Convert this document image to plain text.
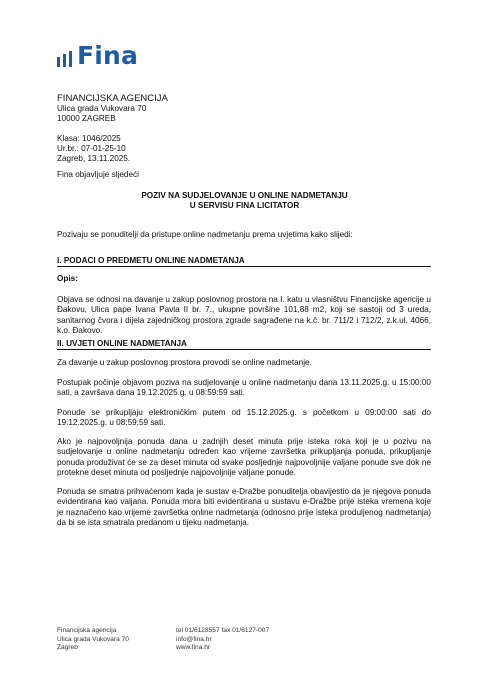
Fina
FINANCIJSKA AGENCIJA
Ulica grada Vukovara 70
10000 ZAGREB
Klasa: 1046/2025
Ur.br.: 07-01-25-10
Zagreb, 13.11.2025.
Fina objavljuje sljedeći
POZIV NA SUDJELOVANJE U ONLINE NADMETANJU
U SERVISU FINA LICITATOR
Pozivaju se ponuditelji da pristupe online nadmetanju prema uvjetima kako slijedi:
I. PODACI O PREDMETU ONLINE NADMETANJA
Opis:
Objava se odnosi na davanje u zakup poslovnog prostora na I. katu u vlasništvu Financijske agencije u Đakovu, Ulica pape Ivana Pavla II br. 7., ukupne površine 101,88 m2, koji se sastoji od 3 ureda, sanitarnog čvora i dijela zajedničkog prostora zgrade sagrađene na k.č. br. 711/2 i 712/2, z.k.ul. 4066, k.o. Đakovo.
II. UVJETI ONLINE NADMETANJA
Za davanje u zakup poslovnog prostora provodi se online nadmetanje.
Postupak počinje objavom poziva na sudjelovanje u online nadmetanju dana 13.11.2025.g. u 15:00:00 sati, a završava dana 19.12.2025.g. u 08:59:59 sati.
Ponude se prikupljaju elektroničkim putem od 15.12.2025.g. s početkom u 09:00:00 sati do 19.12.2025.g. u 08:59:59 sati.
Ako je najpovoljnija ponuda dana u zadnjih deset minuta prije isteka roka koji je u pozivu na sudjelovanje u online nadmetanju određen kao vrijeme završetka prikupljanja ponuda, prikupljanje ponuda produživat će se za deset minuta od svake posljednje najpovoljnije valjane ponude sve dok ne protekne deset minuta od posljednje najpovoljnije valjane ponude.
Ponuda se smatra prihvaćenom kada je sustav e-Dražbe ponuditelja obavijestio da je njegova ponuda evidentirana kao valjana. Ponuda mora biti evidentirana u sustavu e-Dražbe prije isteka vremena koje je naznačeno kao vrijeme završetka online nadmetanja (odnosno prije isteka produljenog nadmetanja) da bi se ista smatrala predanom u tijeku nadmetanja.
Financijska agencija
Ulica grada Vukovara 70
Zagreb
tel 01/6128557 fax 01/6127-007
info@fina.hr
www.fina.hr
